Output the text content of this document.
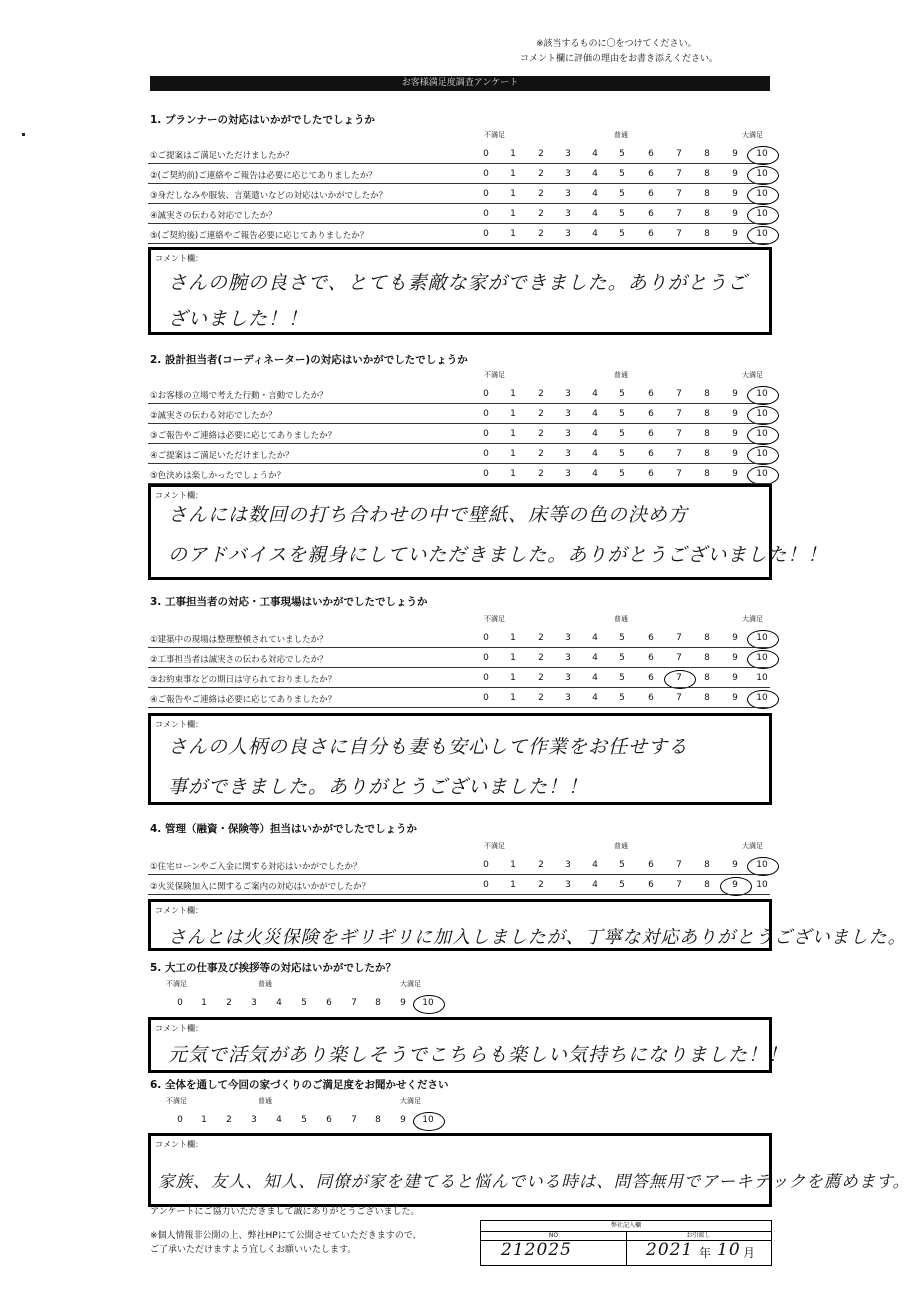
※該当するものに〇をつけてください。
コメント欄に評価の理由をお書き添えください。
お客様満足度調査アンケート
1. プランナーの対応はいかがでしたでしょうか
不満足	普通	大満足
①ご提案はご満足いただけましたか？	0	1	2	3	4	5	6	7	8	9	10
②(ご契約前)ご連絡やご報告は必要に応じてありましたか？	0	1	2	3	4	5	6	7	8	9	10
③身だしなみや服装、言葉遣いなどの対応はいかがでしたか？	0	1	2	3	4	5	6	7	8	9	10
④誠実さの伝わる対応でしたか？	0	1	2	3	4	5	6	7	8	9	10
⑤(ご契約後)ご連絡やご報告必要に応じてありましたか？	0	1	2	3	4	5	6	7	8	9	10
コメント欄：
さんの腕の良さで、とても素敵な家ができました。ありがとうご
ざいました！！
2. 設計担当者(コーディネーター)の対応はいかがでしたでしょうか
不満足	普通	大満足
①お客様の立場で考えた行動・言動でしたか？	0	1	2	3	4	5	6	7	8	9	10
②誠実さの伝わる対応でしたか？	0	1	2	3	4	5	6	7	8	9	10
③ご報告やご連絡は必要に応じてありましたか？	0	1	2	3	4	5	6	7	8	9	10
④ご提案はご満足いただけましたか？	0	1	2	3	4	5	6	7	8	9	10
⑤色決めは楽しかったでしょうか？	0	1	2	3	4	5	6	7	8	9	10
コメント欄：
さんには数回の打ち合わせの中で壁紙、床等の色の決め方
のアドバイスを親身にしていただきました。ありがとうございました！！
3. 工事担当者の対応・工事現場はいかがでしたでしょうか
不満足	普通	大満足
①建築中の現場は整理整頓されていましたか？	0	1	2	3	4	5	6	7	8	9	10
②工事担当者は誠実さの伝わる対応でしたか？	0	1	2	3	4	5	6	7	8	9	10
③お約束事などの期日は守られておりましたか？	0	1	2	3	4	5	6	7	8	9	10
④ご報告やご連絡は必要に応じてありましたか？	0	1	2	3	4	5	6	7	8	9	10
コメント欄：
さんの人柄の良さに自分も妻も安心して作業をお任せする
事ができました。ありがとうございました！！
4. 管理（融資・保険等）担当はいかがでしたでしょうか
不満足	普通	大満足
①住宅ローンやご入金に関する対応はいかがでしたか？	0	1	2	3	4	5	6	7	8	9	10
②火災保険加入に関するご案内の対応はいかがでしたか？	0	1	2	3	4	5	6	7	8	9	10
コメント欄：
さんとは火災保険をギリギリに加入しましたが、丁寧な対応ありがとうございました。
5. 大工の仕事及び挨拶等の対応はいかがでしたか？
不満足	普通	大満足
0	1	2	3	4	5	6	7	8	9	10
コメント欄：
元気で活気があり楽しそうでこちらも楽しい気持ちになりました！！
6. 全体を通して今回の家づくりのご満足度をお聞かせください
不満足	普通	大満足
0	1	2	3	4	5	6	7	8	9	10
コメント欄：
家族、友人、知人、同僚が家を建てると悩んでいる時は、問答無用でアーキテックを薦めます。
アンケートにご協力いただきまして誠にありがとうございました。
※個人情報非公開の上、弊社HPにて公開させていただきますので、
ご了承いただけますよう宜しくお願いいたします。
弊社記入欄
NO	お引渡し
212025	2021 年 10 月
